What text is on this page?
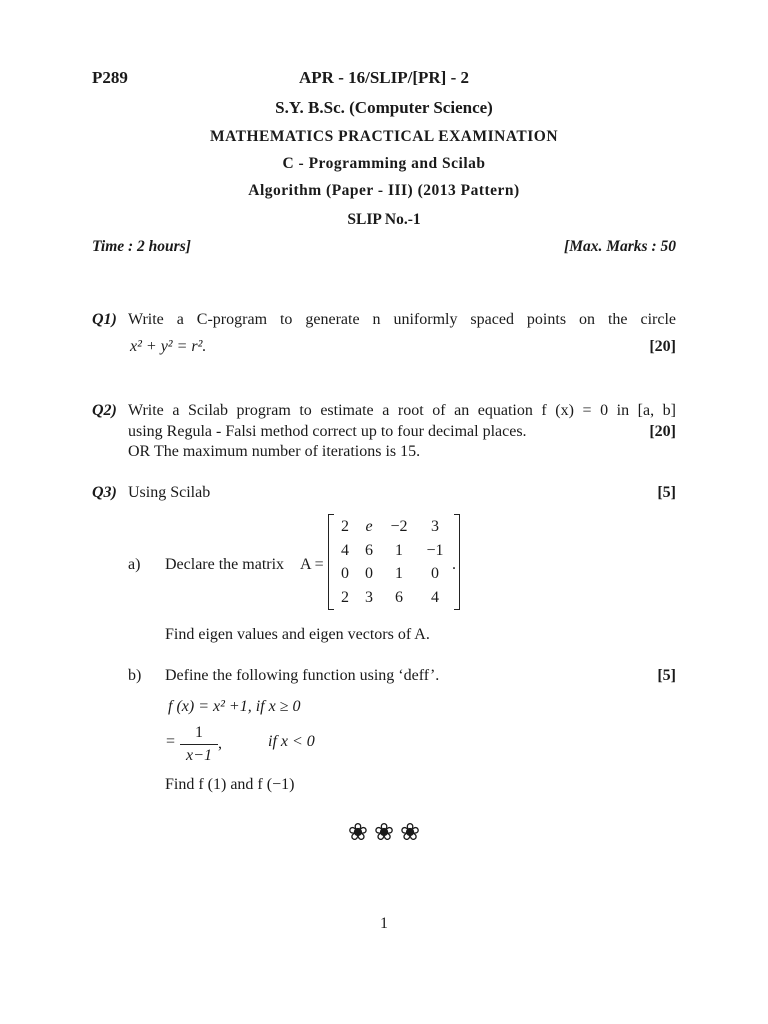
P289	APR - 16/SLIP/[PR] - 2
S.Y. B.Sc. (Computer Science)
MATHEMATICS PRACTICAL EXAMINATION
C - Programming and Scilab
Algorithm (Paper - III) (2013 Pattern)
SLIP No.-1
Time : 2 hours]	[Max. Marks : 50
Q1) Write a C-program to generate n uniformly spaced points on the circle
x² + y² = r².	[20]
Q2) Write a Scilab program to estimate a root of an equation f (x) = 0 in [a, b]
using Regula - Falsi method correct up to four decimal places.	[20]
OR The maximum number of iterations is 15.
Q3) Using Scilab	[5]
a) Declare the matrix A =
2	e	−2	3
4	6	1	−1
0	0	1	0
2	3	6	4
.
Find eigen values and eigen vectors of A.
b) Define the following function using ‘deff’.	[5]
f (x) = x² +1, if x ≥ 0
=
1
x−1
,	if x < 0
Find f (1) and f (−1)
❀ ❀ ❀
1
